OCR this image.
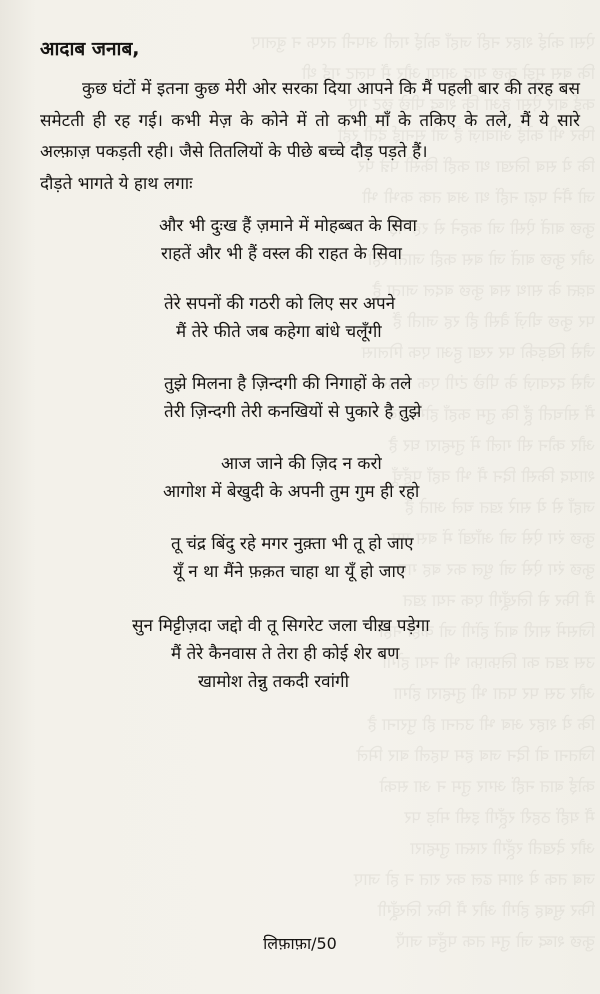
ऐसा कोई शहर नहीं जहाँ कोई गली अपनी तरफ न बुलाए
कि बस मुझे कुछ याद आया और मैं पलट गई थी
कई बार ऐसा हुआ कि शब्द पीछे छूट गए
फिर भी कोई आवाज़ है जो सुनाई देती रही
कि ये सब लिखा था कहीं किसी पन्ने पर
जो मैंने पढ़ा नहीं था अब तक कभी भी
कुछ बातें ऐसी जो कहने से रह गईं
और कुछ बातें जो बस कही जाती रहीं
वक़्त के साथ सब कुछ बदल जाता है
पर कुछ चीज़ें वैसी ही रह जाती हैं
जैसे खिड़की पर रखा हुआ एक गिलास
जैसे दरवाज़े के पीछे टंगी एक चादर
मैं सोचती हूँ कि तुम कहाँ होगे अब
और कौन सी गली में तुम्हारा घर है
शायद किसी दिन मैं भी वहाँ पहुँचूँ
जहाँ से ये सारे ख़त चले आते हैं
कुछ रंग ऐसे जो आँखों में बस गए
कुछ रंग ऐसे जो धुल कर बह गए
मैं फिर से लिखूँगी एक नया ख़त
जिसमें सारी बातें होंगी जो कही नहीं
उस ख़त का लिफ़ाफ़ा भी नया होगा
और उस पर पता भी तुम्हारा होगा
कि ये शहर अब भी उतना ही पुराना है
जितना वो दिन जब हम पहली बार मिले
कोई बात नहीं अगर तुम न आ सको
मैं यहीं ठहरी रहूँगी इसी मोड़ पर
और देखती रहूँगी रास्ता तुम्हारा
जब तक ये शाम ढल कर रात न हो जाए
फिर सुबह होगी और मैं फिर लिखूँगी
कुछ शब्द जो तुम तक पहुँच जाएँ

आदाब जनाब,

कुछ घंटों में इतना कुछ मेरी ओर सरका दिया आपने कि मैं पहली बार की तरह बस समेटती ही रह गई। कभी मेज़ के कोने में तो कभी माँ के तकिए के तले, मैं ये सारे अल्फ़ाज़ पकड़ती रही। जैसे तितलियों के पीछे बच्चे दौड़ पड़ते हैं।

दौड़ते भागते ये हाथ लगाः

और भी दुःख हैं ज़माने में मोहब्बत के सिवा
राहतें और भी हैं वस्ल की राहत के सिवा
तेरे सपनों की गठरी को लिए सर अपने
मैं तेरे फीते जब कहेगा बांधे चलूँगी
तुझे मिलना है ज़िन्दगी की निगाहों के तले
तेरी ज़िन्दगी तेरी कनखियों से पुकारे है तुझे
आज जाने की ज़िद न करो
आगोश में बेखुदी के अपनी तुम गुम ही रहो
तू चंद्र बिंदु रहे मगर नुक़्ता भी तू हो जाए
यूँ न था मैंने फ़क़त चाहा था यूँ हो जाए
सुन मिट्टीज़दा जद्दो वी तू सिगरेट जला चीख़ पड़ेगा
मैं तेरे कैनवास ते तेरा ही कोई शेर बण
खामोश तेन्नु तकदी रवांगी
लिफ़ाफ़ा/50
